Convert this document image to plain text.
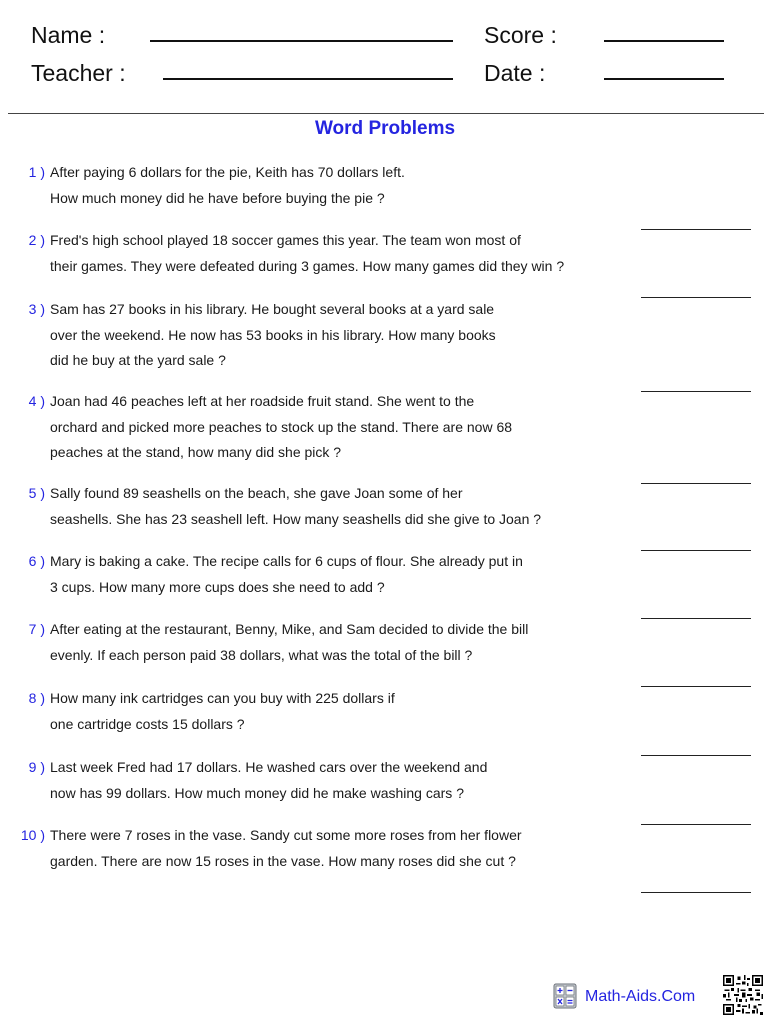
Name :
Teacher :
Score :
Date :
Word Problems
1 ) After paying 6 dollars for the pie, Keith has 70 dollars left.
How much money did he have before buying the pie ?
2 ) Fred's high school played 18 soccer games this year. The team won most of
their games. They were defeated during 3 games. How many games did they win ?
3 ) Sam has 27 books in his library. He bought several books at a yard sale
over the weekend. He now has 53 books in his library. How many books
did he buy at the yard sale ?
4 ) Joan had 46 peaches left at her roadside fruit stand. She went to the
orchard and picked more peaches to stock up the stand. There are now 68
peaches at the stand, how many did she pick ?
5 ) Sally found 89 seashells on the beach, she gave Joan some of her
seashells. She has 23 seashell left. How many seashells did she give to Joan ?
6 ) Mary is baking a cake. The recipe calls for 6 cups of flour. She already put in
3 cups. How many more cups does she need to add ?
7 ) After eating at the restaurant, Benny, Mike, and Sam decided to divide the bill
evenly. If each person paid 38 dollars, what was the total of the bill ?
8 ) How many ink cartridges can you buy with 225 dollars if
one cartridge costs 15 dollars ?
9 ) Last week Fred had 17 dollars. He washed cars over the weekend and
now has 99 dollars. How much money did he make washing cars ?
10 ) There were 7 roses in the vase. Sandy cut some more roses from her flower
garden. There are now 15 roses in the vase. How many roses did she cut ?
Math-Aids.Com
